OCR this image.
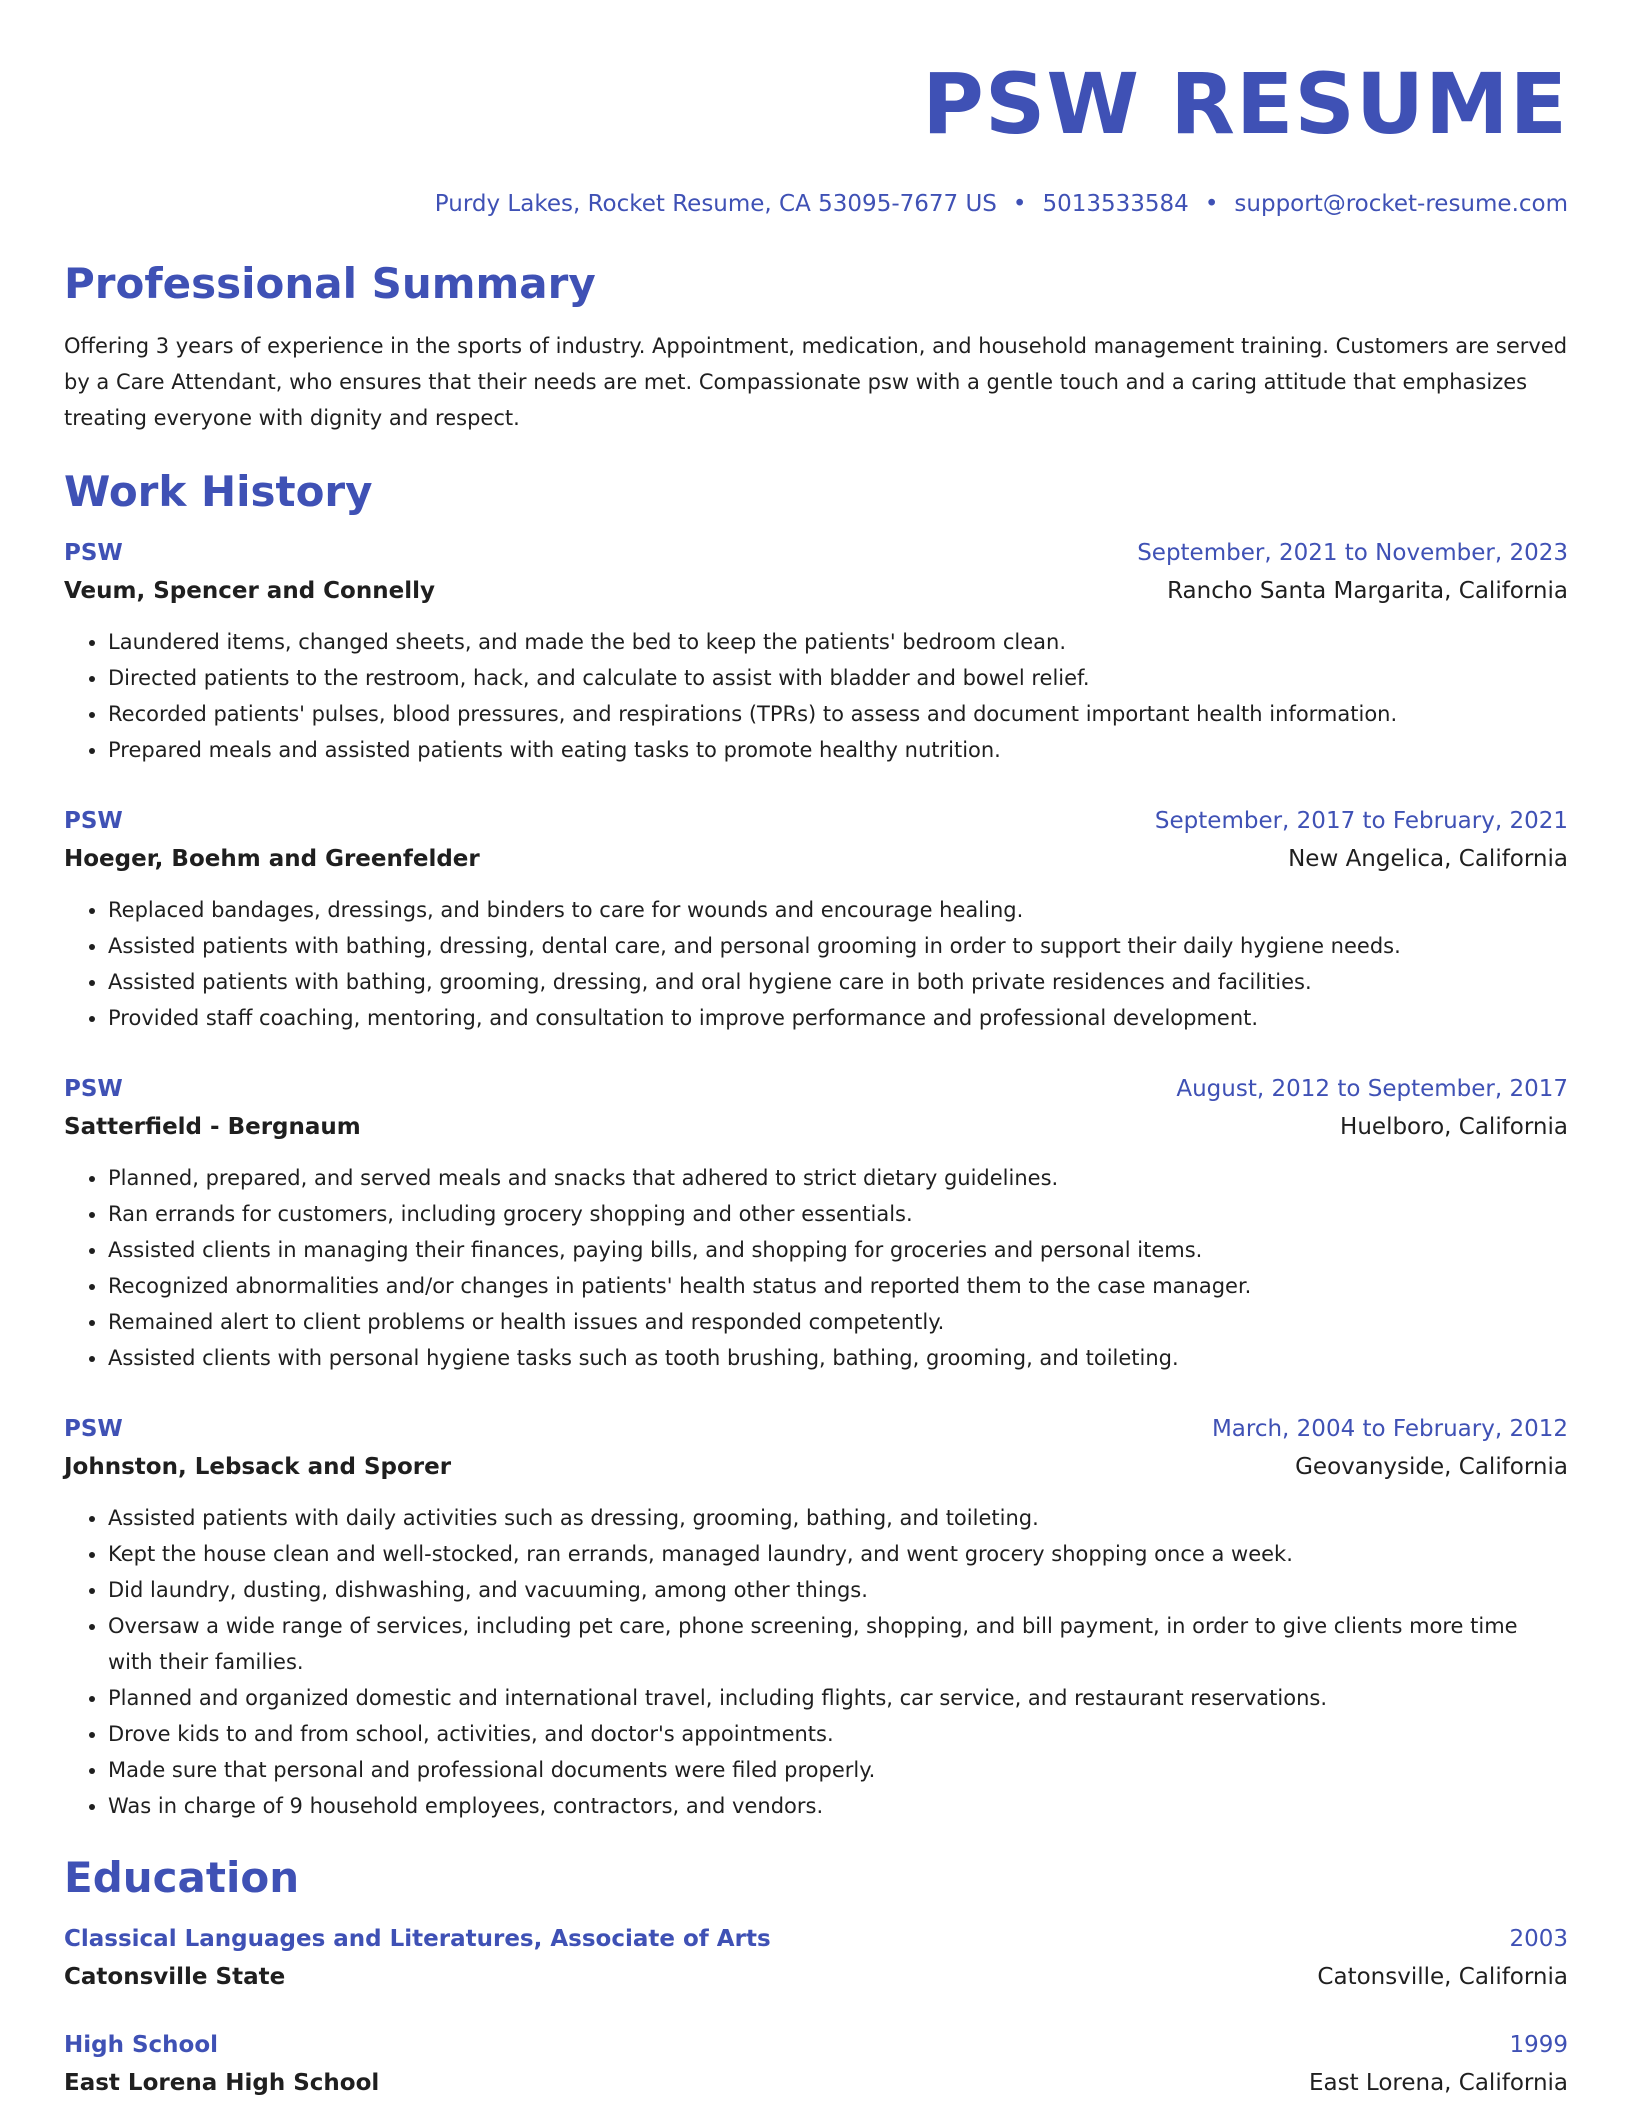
PSW RESUME
Purdy Lakes, Rocket Resume, CA 53095-7677 US • 5013533584 • support@rocket-resume.com
Professional Summary
Offering 3 years of experience in the sports of industry. Appointment, medication, and household management training. Customers are served by a Care Attendant, who ensures that their needs are met. Compassionate psw with a gentle touch and a caring attitude that emphasizes treating everyone with dignity and respect.
Work History
PSW	September, 2021 to November, 2023
Veum, Spencer and Connelly	Rancho Santa Margarita, California
• Laundered items, changed sheets, and made the bed to keep the patients' bedroom clean.
• Directed patients to the restroom, hack, and calculate to assist with bladder and bowel relief.
• Recorded patients' pulses, blood pressures, and respirations (TPRs) to assess and document important health information.
• Prepared meals and assisted patients with eating tasks to promote healthy nutrition.
PSW	September, 2017 to February, 2021
Hoeger, Boehm and Greenfelder	New Angelica, California
• Replaced bandages, dressings, and binders to care for wounds and encourage healing.
• Assisted patients with bathing, dressing, dental care, and personal grooming in order to support their daily hygiene needs.
• Assisted patients with bathing, grooming, dressing, and oral hygiene care in both private residences and facilities.
• Provided staff coaching, mentoring, and consultation to improve performance and professional development.
PSW	August, 2012 to September, 2017
Satterfield - Bergnaum	Huelboro, California
• Planned, prepared, and served meals and snacks that adhered to strict dietary guidelines.
• Ran errands for customers, including grocery shopping and other essentials.
• Assisted clients in managing their finances, paying bills, and shopping for groceries and personal items.
• Recognized abnormalities and/or changes in patients' health status and reported them to the case manager.
• Remained alert to client problems or health issues and responded competently.
• Assisted clients with personal hygiene tasks such as tooth brushing, bathing, grooming, and toileting.
PSW	March, 2004 to February, 2012
Johnston, Lebsack and Sporer	Geovanyside, California
• Assisted patients with daily activities such as dressing, grooming, bathing, and toileting.
• Kept the house clean and well-stocked, ran errands, managed laundry, and went grocery shopping once a week.
• Did laundry, dusting, dishwashing, and vacuuming, among other things.
• Oversaw a wide range of services, including pet care, phone screening, shopping, and bill payment, in order to give clients more time with their families.
• Planned and organized domestic and international travel, including flights, car service, and restaurant reservations.
• Drove kids to and from school, activities, and doctor's appointments.
• Made sure that personal and professional documents were filed properly.
• Was in charge of 9 household employees, contractors, and vendors.
Education
Classical Languages and Literatures, Associate of Arts	2003
Catonsville State	Catonsville, California
High School	1999
East Lorena High School	East Lorena, California
